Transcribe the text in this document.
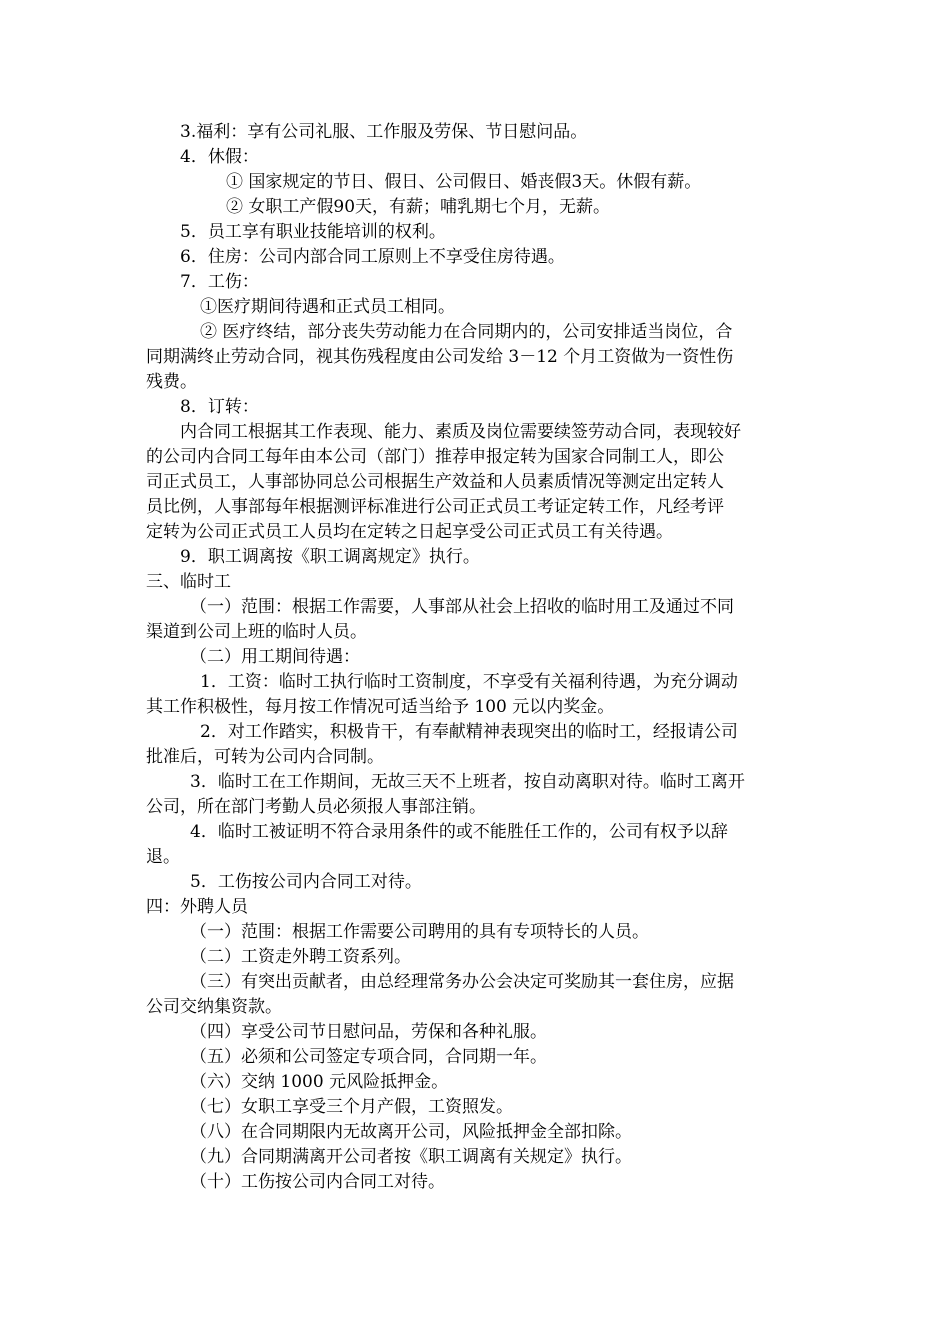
3.福利：享有公司礼服、工作服及劳保、节日慰问品。
4．休假：
① 国家规定的节日、假日、公司假日、婚丧假3天。休假有薪。
② 女职工产假90天，有薪；哺乳期七个月，无薪。
5．员工享有职业技能培训的权利。
6．住房：公司内部合同工原则上不享受住房待遇。
7．工伤：
①医疗期间待遇和正式员工相同。
② 医疗终结，部分丧失劳动能力在合同期内的，公司安排适当岗位，合
同期满终止劳动合同，视其伤残程度由公司发给 3－12 个月工资做为一资性伤
残费。
8．订转：
内合同工根据其工作表现、能力、素质及岗位需要续签劳动合同，表现较好
的公司内合同工每年由本公司（部门）推荐申报定转为国家合同制工人，即公
司正式员工，人事部协同总公司根据生产效益和人员素质情况等测定出定转人
员比例，人事部每年根据测评标准进行公司正式员工考证定转工作，凡经考评
定转为公司正式员工人员均在定转之日起享受公司正式员工有关待遇。
9．职工调离按《职工调离规定》执行。
三、临时工
（一）范围：根据工作需要，人事部从社会上招收的临时用工及通过不同
渠道到公司上班的临时人员。
（二）用工期间待遇：
1．工资：临时工执行临时工资制度，不享受有关福利待遇，为充分调动
其工作积极性，每月按工作情况可适当给予 100 元以内奖金。
2．对工作踏实，积极肯干，有奉献精神表现突出的临时工，经报请公司
批准后，可转为公司内合同制。
3．临时工在工作期间，无故三天不上班者，按自动离职对待。临时工离开
公司，所在部门考勤人员必须报人事部注销。
4．临时工被证明不符合录用条件的或不能胜任工作的，公司有权予以辞
退。
5．工伤按公司内合同工对待。
四：外聘人员
（一）范围：根据工作需要公司聘用的具有专项特长的人员。
（二）工资走外聘工资系列。
（三）有突出贡献者，由总经理常务办公会决定可奖励其一套住房，应据
公司交纳集资款。
（四）享受公司节日慰问品，劳保和各种礼服。
（五）必须和公司签定专项合同，合同期一年。
（六）交纳 1000 元风险抵押金。
（七）女职工享受三个月产假，工资照发。
（八）在合同期限内无故离开公司，风险抵押金全部扣除。
（九）合同期满离开公司者按《职工调离有关规定》执行。
（十）工伤按公司内合同工对待。
